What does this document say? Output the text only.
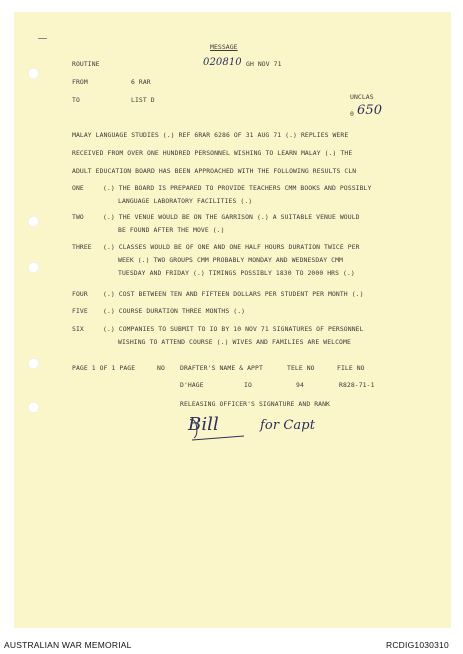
MESSAGE
ROUTINE	020810 GH NOV 71
FROM	6 RAR
TO	LIST D	UNCLAS
0 650
MALAY LANGUAGE STUDIES (.) REF 6RAR 6286 OF 31 AUG 71 (.) REPLIES WERE
RECEIVED FROM OVER ONE HUNDRED PERSONNEL WISHING TO LEARN MALAY (.) THE
ADULT EDUCATION BOARD HAS BEEN APPROACHED WITH THE FOLLOWING RESULTS CLN
ONE	(.) THE BOARD IS PREPARED TO PROVIDE TEACHERS CMM BOOKS AND POSSIBLY
LANGUAGE LABORATORY FACILITIES (.)
TWO	(.) THE VENUE WOULD BE ON THE GARRISON (.) A SUITABLE VENUE WOULD
BE FOUND AFTER THE MOVE (.)
THREE (.) CLASSES WOULD BE OF ONE AND ONE HALF HOURS DURATION TWICE PER
WEEK (.) TWO GROUPS CMM PROBABLY MONDAY AND WEDNESDAY CMM
TUESDAY AND FRIDAY (.) TIMINGS POSSIBLY 1830 TO 2000 HRS (.)
FOUR (.) COST BETWEEN TEN AND FIFTEEN DOLLARS PER STUDENT PER MONTH (.)
FIVE (.) COURSE DURATION THREE MONTHS (.)
SIX	(.) COMPANIES TO SUBMIT TO IO BY 10 NOV 71 SIGNATURES OF PERSONNEL
WISHING TO ATTEND COURSE (.) WIVES AND FAMILIES ARE WELCOME
PAGE 1 OF 1 PAGE	NO DRAFTER'S NAME & APPT	TELE NO	FILE NO
D'HAGE	IO	94	R828-71-1
RELEASING OFFICER'S SIGNATURE AND RANK
Bill	for Capt
AUSTRALIAN WAR MEMORIAL	RCDIG1030310
